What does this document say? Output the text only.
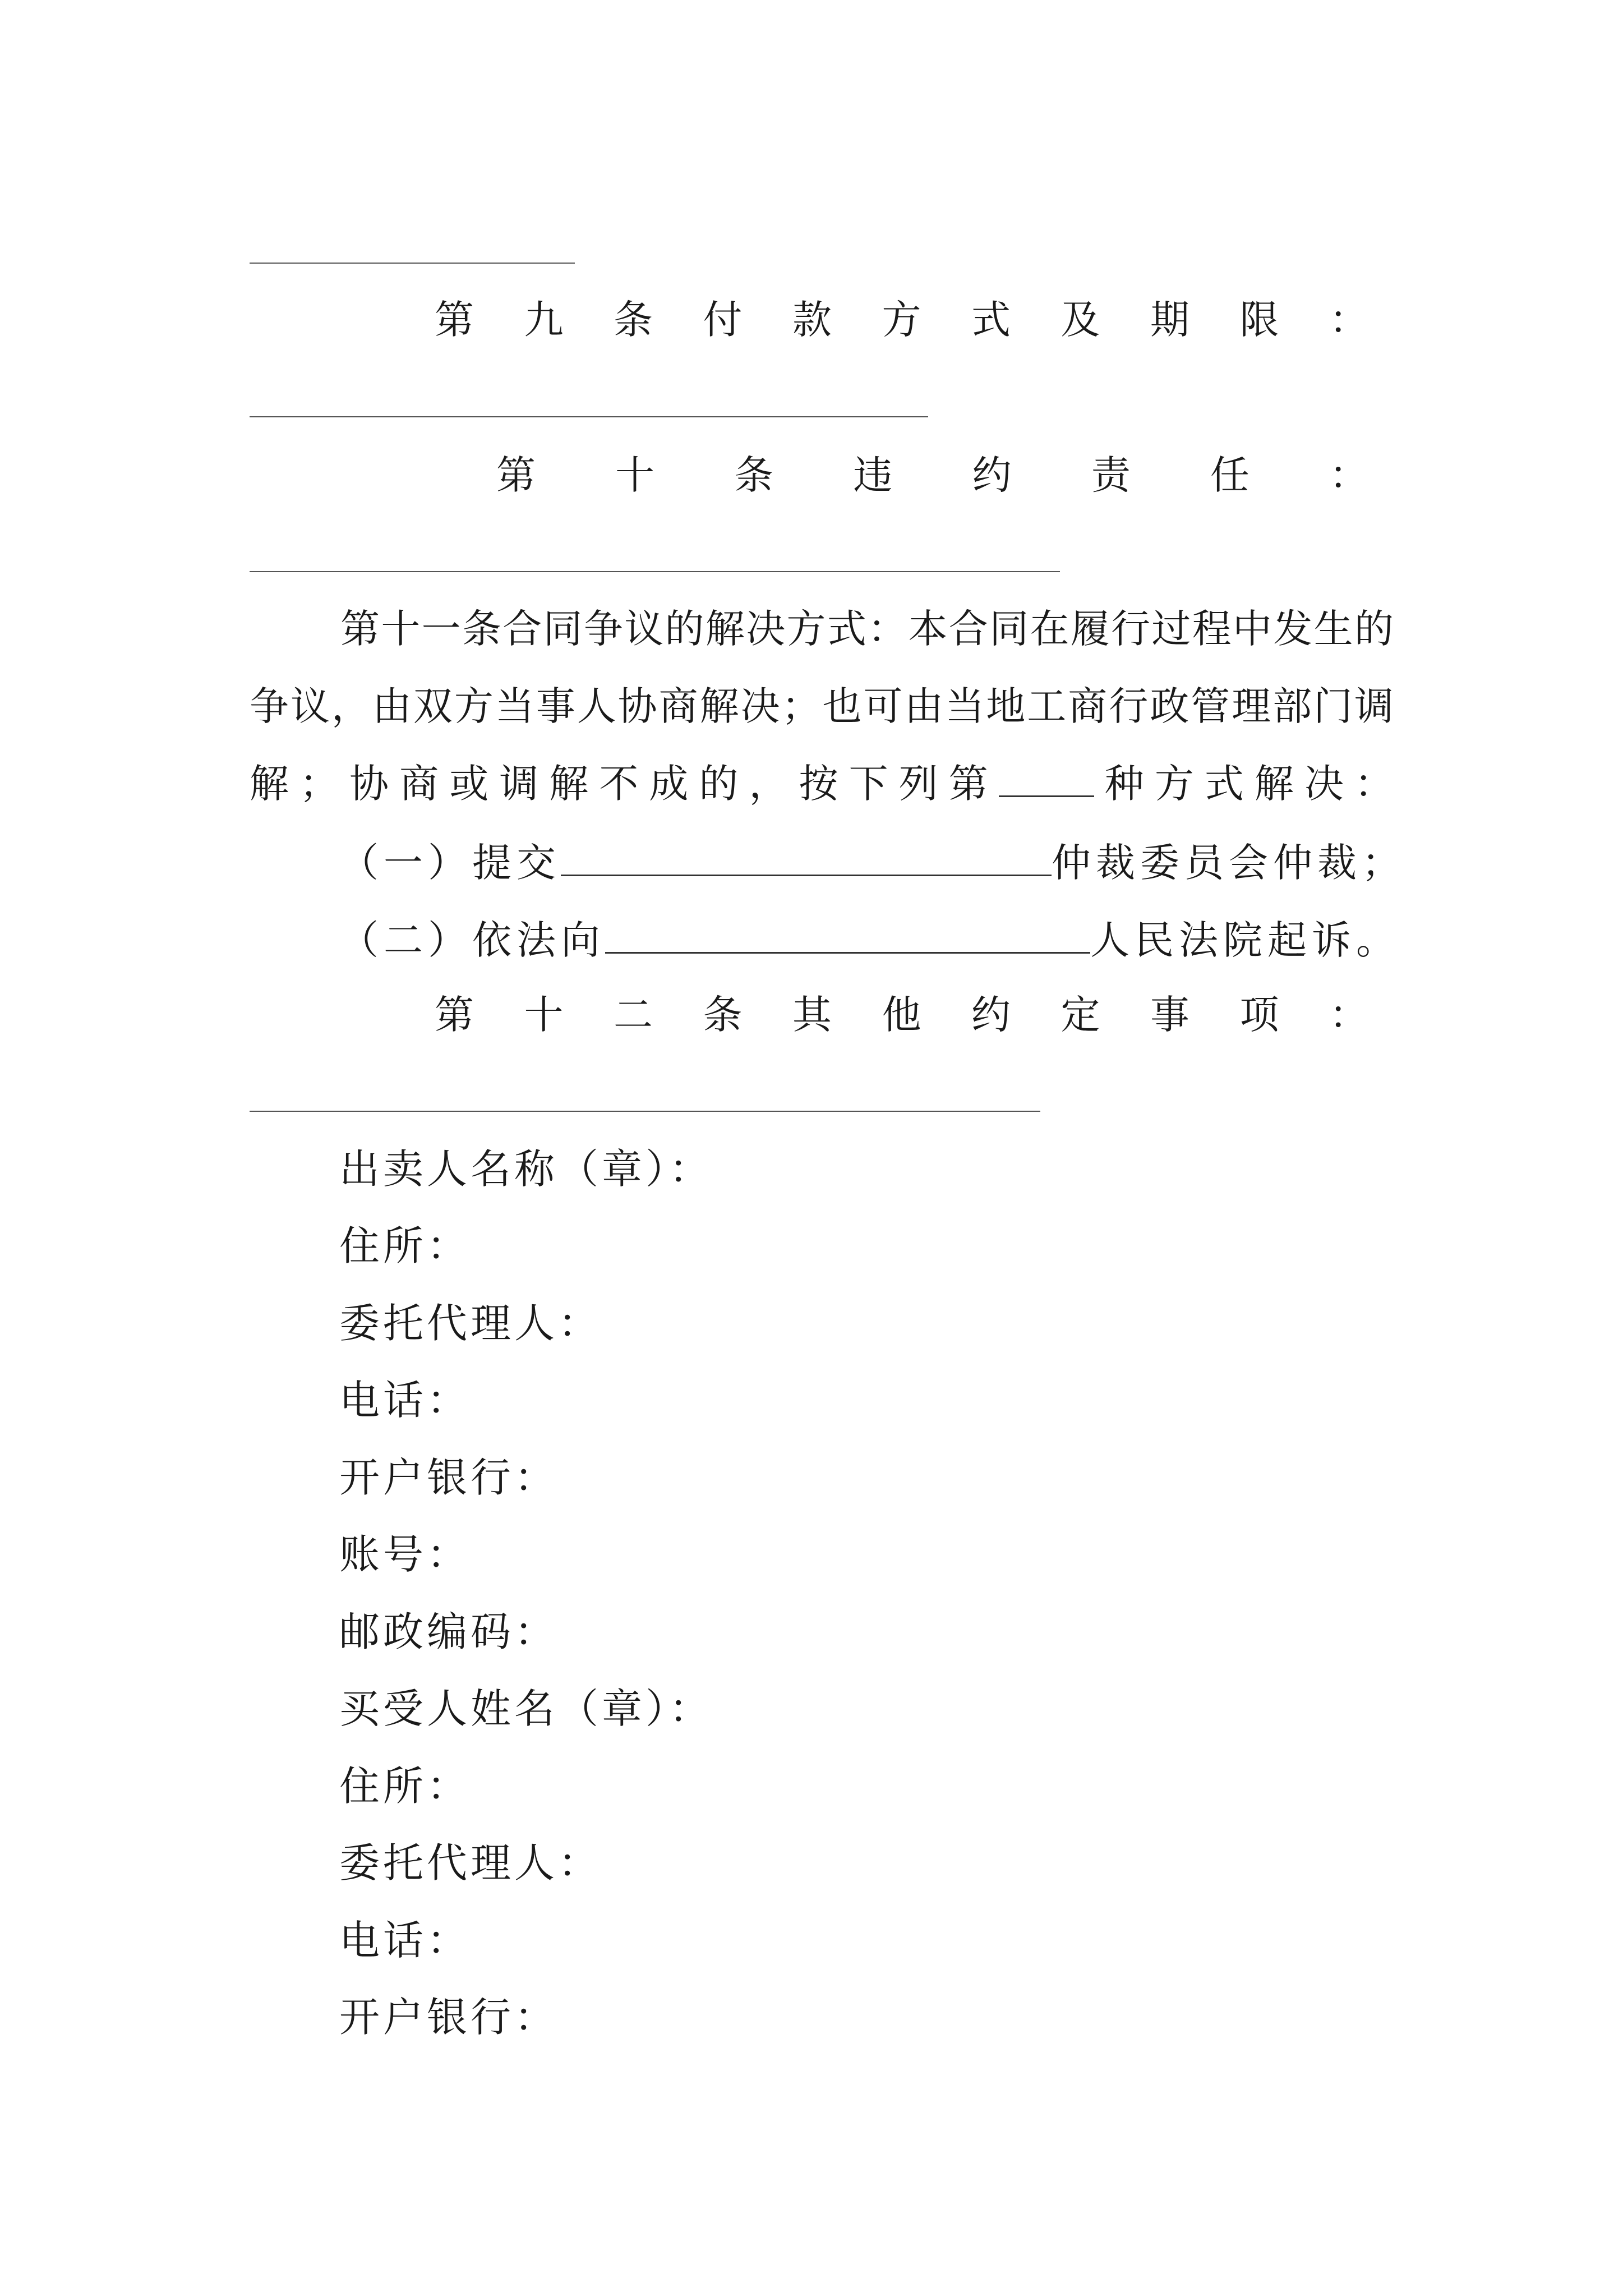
第 九 条 付 款 方 式 及 期 限 ：
第 十 条 违 约 责 任 ：
第十一条合同争议的解决方式：本合同在履行过程中发生的争议，由双方当事人协商解决；也可由当地工商行政管理部门调解；协商或调解不成的，按下列第 种方式解决：
（一）提交	仲裁委员会仲裁；
（二）依法向	人民法院起诉。
第 十 二 条 其 他 约 定 事 项 ：
出卖人名称（章）：
住所：
委托代理人：
电话：
开户银行：
账号：
邮政编码：
买受人姓名（章）：
住所：
委托代理人：
电话：
开户银行：
